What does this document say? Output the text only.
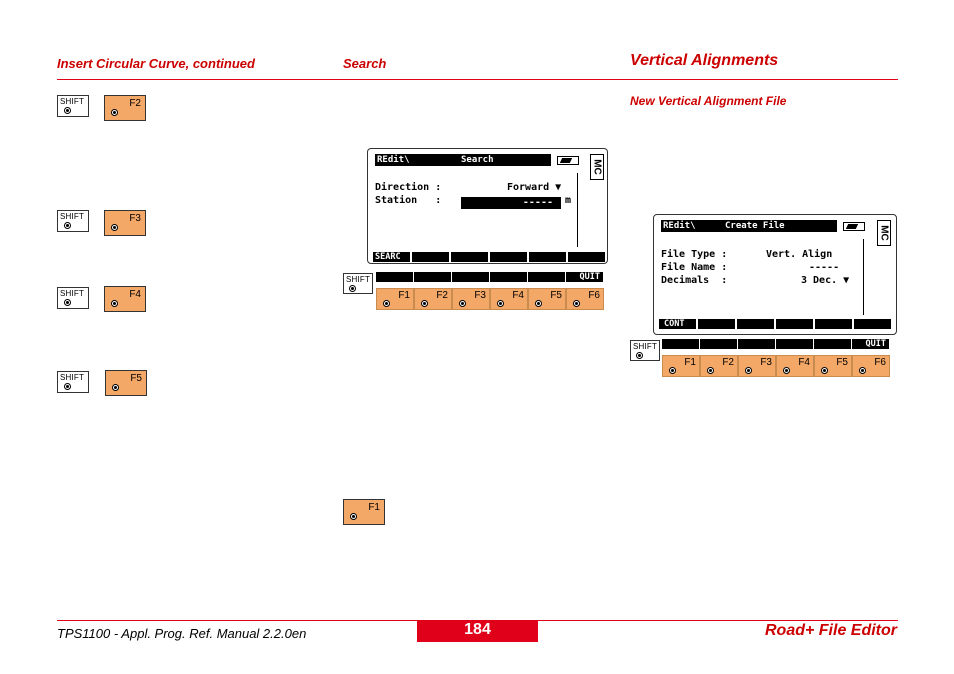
Insert Circular Curve, continued	Search	Vertical Alignments
New Vertical Alignment File
SHIFT	F2
SHIFT	F3
SHIFT	F4
SHIFT	F5
REdit\	Search	MC
Direction :	Forward ▼
Station   :	-----	m
SEARC
SHIFT	QUIT
F1	F2	F3	F4	F5	F6
F1
REdit\	Create File	MC
File Type :	Vert. Align
File Name :	-----
Decimals  :	3 Dec. ▼
CONT
SHIFT	QUIT
F1	F2	F3	F4	F5	F6
TPS1100 - Appl. Prog. Ref. Manual 2.2.0en	184	Road+ File Editor
